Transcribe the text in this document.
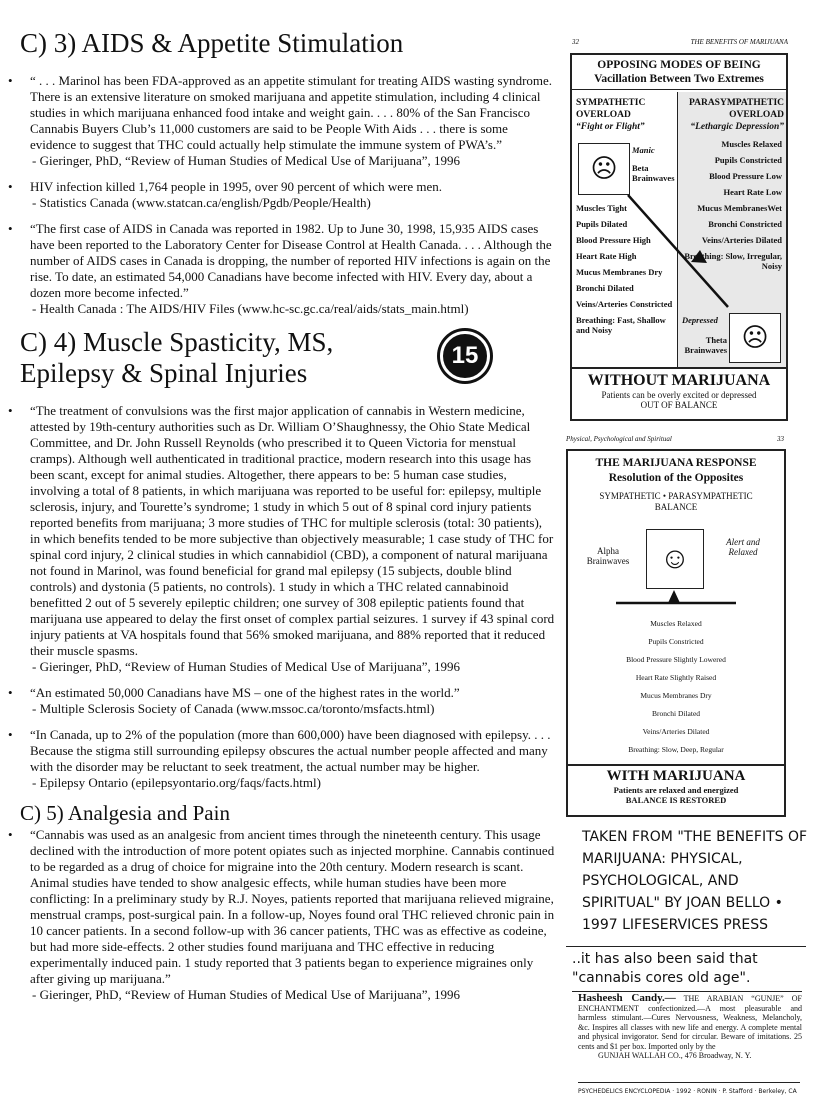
C) 3) AIDS & Appetite Stimulation
• “ . . . Marinol has been FDA-approved as an appetite stimulant for treating AIDS wasting syndrome. There is an extensive literature on smoked marijuana and appetite stimulation, including 4 clinical studies in which marijuana enhanced food intake and weight gain. . . . 80% of the San Francisco Cannabis Buyers Club’s 11,000 customers are said to be People With Aids . . . there is some evidence to suggest that THC could actually help stimulate the immune system of PWA’s.”
- Gieringer, PhD, “Review of Human Studies of Medical Use of Marijuana”, 1996
• HIV infection killed 1,764 people in 1995, over 90 percent of which were men.
- Statistics Canada (www.statcan.ca/english/Pgdb/People/Health)
• “The first case of AIDS in Canada was reported in 1982. Up to June 30, 1998, 15,935 AIDS cases have been reported to the Laboratory Center for Disease Control at Health Canada. . . . Although the number of AIDS cases in Canada is dropping, the number of reported HIV infections is again on the rise. To date, an estimated 54,000 Canadians have become infected with HIV. Every day, about a dozen more become infected.”
- Health Canada : The AIDS/HIV Files (www.hc-sc.gc.ca/real/aids/stats_main.html)
C) 4) Muscle Spasticity, MS,
Epilepsy & Spinal Injuries
15
• “The treatment of convulsions was the first major application of cannabis in Western medicine, attested by 19th-century authorities such as Dr. William O’Shaughnessy, the Ohio State Medical Committee, and Dr. John Russell Reynolds (who prescribed it to Queen Victoria for menstual cramps). Although well authenticated in traditional practice, modern research into this usage has been scant, except for animal studies. Altogether, there appears to be: 5 human case studies, involving a total of 8 patients, in which marijuana was reported to be useful for: epilepsy, multiple sclerosis, injury, and Tourette’s syndrome; 1 study in which 5 out of 8 spinal cord injury patients reported benefits from marijuana; 3 more studies of THC for multiple sclerosis (total: 30 patients), in which benefits tended to be more subjective than objectively measurable; 1 case study of THC for spinal cord injury, 2 clinical studies in which cannabidiol (CBD), a component of natural marijuana not found in Marinol, was found beneficial for grand mal epilepsy (15 subjects, double blind controls) and dystonia (5 patients, no controls). 1 study in which a THC related cannabinoid benefitted 2 out of 5 severely epileptic children; one survey of 308 epileptic patients found that marijuana use appeared to delay the first onset of complex partial seizures. 1 survey if 43 spinal cord injury patients at VA hospitals found that 56% smoked marijuana, and 88% reported that it reduced their muscle spasms.
- Gieringer, PhD, “Review of Human Studies of Medical Use of Marijuana”, 1996
• “An estimated 50,000 Canadians have MS – one of the highest rates in the world.”
- Multiple Sclerosis Society of Canada (www.mssoc.ca/toronto/msfacts.html)
• “In Canada, up to 2% of the population (more than 600,000) have been diagnosed with epilepsy. . . . Because the stigma still surrounding epilepsy obscures the actual number people affected and many with the disorder may be reluctant to seek treatment, the actual number may be higher.
- Epilepsy Ontario (epilepsyontario.org/faqs/facts.html)
C) 5) Analgesia and Pain
• “Cannabis was used as an analgesic from ancient times through the nineteenth century. This usage declined with the introduction of more potent opiates such as injected morphine. Cannabis continued to be regarded as a drug of choice for migraine into the 20th century. Modern research is scant. Animal studies have tended to show analgesic effects, while human studies have been more conflicting: In a preliminary study by R.J. Noyes, patients reported that marijuana relieved migraine, menstrual cramps, post-surgical pain. In a follow-up, Noyes found oral THC relieved chronic pain in 10 cancer patients. In a second follow-up with 36 cancer patients, THC was as effective as codeine, but had more side-effects. 2 other studies found marijuana and THC effective in reducing experimentally induced pain. 1 study reported that 3 patients began to experience migraines only after giving up marijuana.”
- Gieringer, PhD, “Review of Human Studies of Medical Use of Marijuana”, 1996
32	THE BENEFITS OF MARIJUANA
OPPOSING MODES OF BEING
Vacillation Between Two Extremes
SYMPATHETIC OVERLOAD
“Fight or Flight”
PARASYMPATHETIC OVERLOAD
“Lethargic Depression”
☹
Manic
Beta Brainwaves
Muscles Tight
Pupils Dilated
Blood Pressure High
Heart Rate High
Mucus Membranes Dry
Bronchi Dilated
Veins/Arteries Constricted
Breathing: Fast, Shallow and Noisy
Muscles Relaxed
Pupils Constricted
Blood Pressure Low
Heart Rate Low
Mucus MembranesWet
Bronchi Constricted
Veins/Arteries Dilated
Breathing: Slow, Irregular, Noisy
Depressed
Theta Brainwaves ☹
WITHOUT MARIJUANA
Patients can be overly excited or depressed
OUT OF BALANCE
Physical, Psychological and Spiritual	33
THE MARIJUANA RESPONSE
Resolution of the Opposites
SYMPATHETIC • PARASYMPATHETIC BALANCE
☺
Alpha Brainwaves
Alert and Relaxed
Muscles Relaxed
Pupils Constricted
Blood Pressure Slightly Lowered
Heart Rate Slightly Raised
Mucus Membranes Dry
Bronchi Dilated
Veins/Arteries Dilated
Breathing: Slow, Deep, Regular
WITH MARIJUANA
Patients are relaxed and energized
BALANCE IS RESTORED
TAKEN FROM "THE BENEFITS OF MARIJUANA: PHYSICAL, PSYCHOLOGICAL, AND SPIRITUAL" BY JOAN BELLO • 1997 LIFESERVICES PRESS
..it has also been said that "cannabis cores old age".
Hasheesh Candy.— THE ARABIAN “GUNJE” OF ENCHANTMENT confectionized.—A most pleasurable and harmless stimulant.—Cures Nervousness, Weakness, Melancholy, &c. Inspires all classes with new life and energy. A complete mental and physical invigorator. Send for circular. Beware of imitations. 25 cents and $1 per box. Imported only by the
GUNJAH WALLAH CO., 476 Broadway, N. Y.
PSYCHEDELICS ENCYCLOPEDIA · 1992 · RONIN · P. Stafford · Berkeley, CA
